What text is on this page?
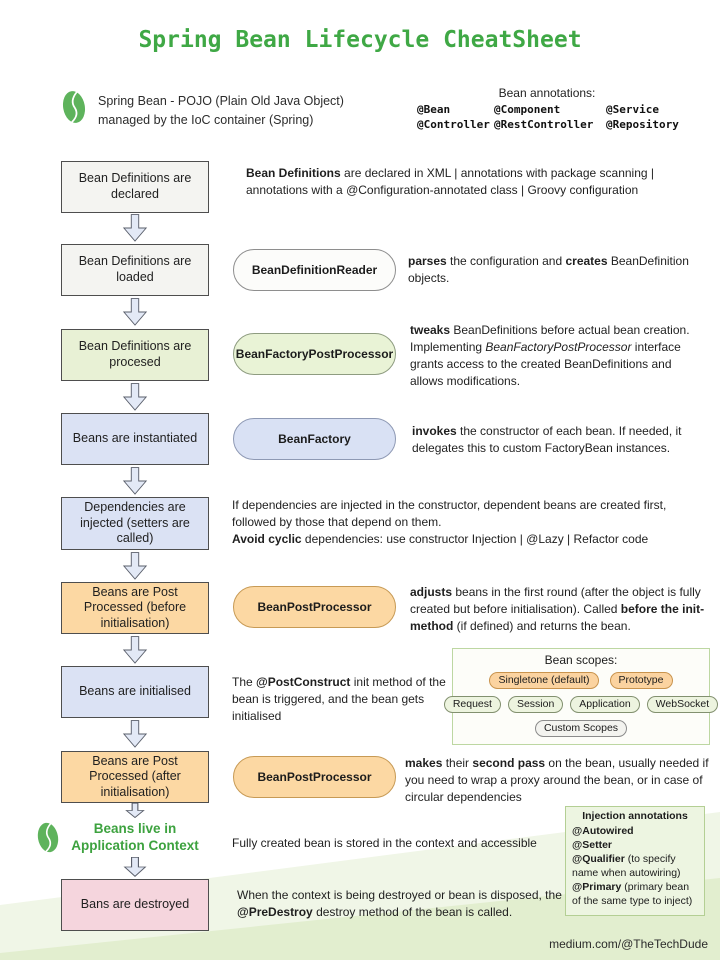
Spring Bean Lifecycle CheatSheet
Spring Bean - POJO (Plain Old Java Object)
managed by the IoC container (Spring)
Bean annotations:
@Bean	@Component	@Service
@Controller @RestController	@Repository
Bean Definitions are declared
Bean Definitions are loaded
Bean Definitions are procesed
Beans are instantiated
Dependencies are injected (setters are called)
Beans are Post Processed (before initialisation)
Beans are initialised
Beans are Post Processed (after initialisation)
Bans are destroyed
Beans live in
Application Context
BeanDefinitionReader
BeanFactoryPostProcessor
BeanFactory
BeanPostProcessor
BeanPostProcessor
Bean Definitions are declared in XML | annotations with package scanning | annotations with a @Configuration-annotated class | Groovy configuration
parses the configuration and creates BeanDefinition objects.
tweaks BeanDefinitions before actual bean creation. Implementing BeanFactoryPostProcessor interface grants access to the created BeanDefinitions and allows modifications.
invokes the constructor of each bean. If needed, it delegates this to custom FactoryBean instances.
If dependencies are injected in the constructor, dependent beans are created first, followed by those that depend on them.
Avoid cyclic dependencies: use constructor Injection | @Lazy | Refactor code
adjusts beans in the first round (after the object is fully created but before initialisation). Called before the init-method (if defined) and returns the bean.
The @PostConstruct init method of the bean is triggered, and the bean gets initialised
makes their second pass on the bean, usually needed if you need to wrap a proxy around the bean, or in case of circular dependencies
Fully created bean is stored in the context and accessible
When the context is being destroyed or bean is disposed, the @PreDestroy destroy method of the bean is called.
Bean scopes:
Singletone (default)	Prototype
Request	Session	Application	WebSocket
Custom Scopes
Injection annotations
@Autowired
@Setter
@Qualifier (to specify name when autowiring)
@Primary (primary bean of the same type to inject)
medium.com/@TheTechDude
